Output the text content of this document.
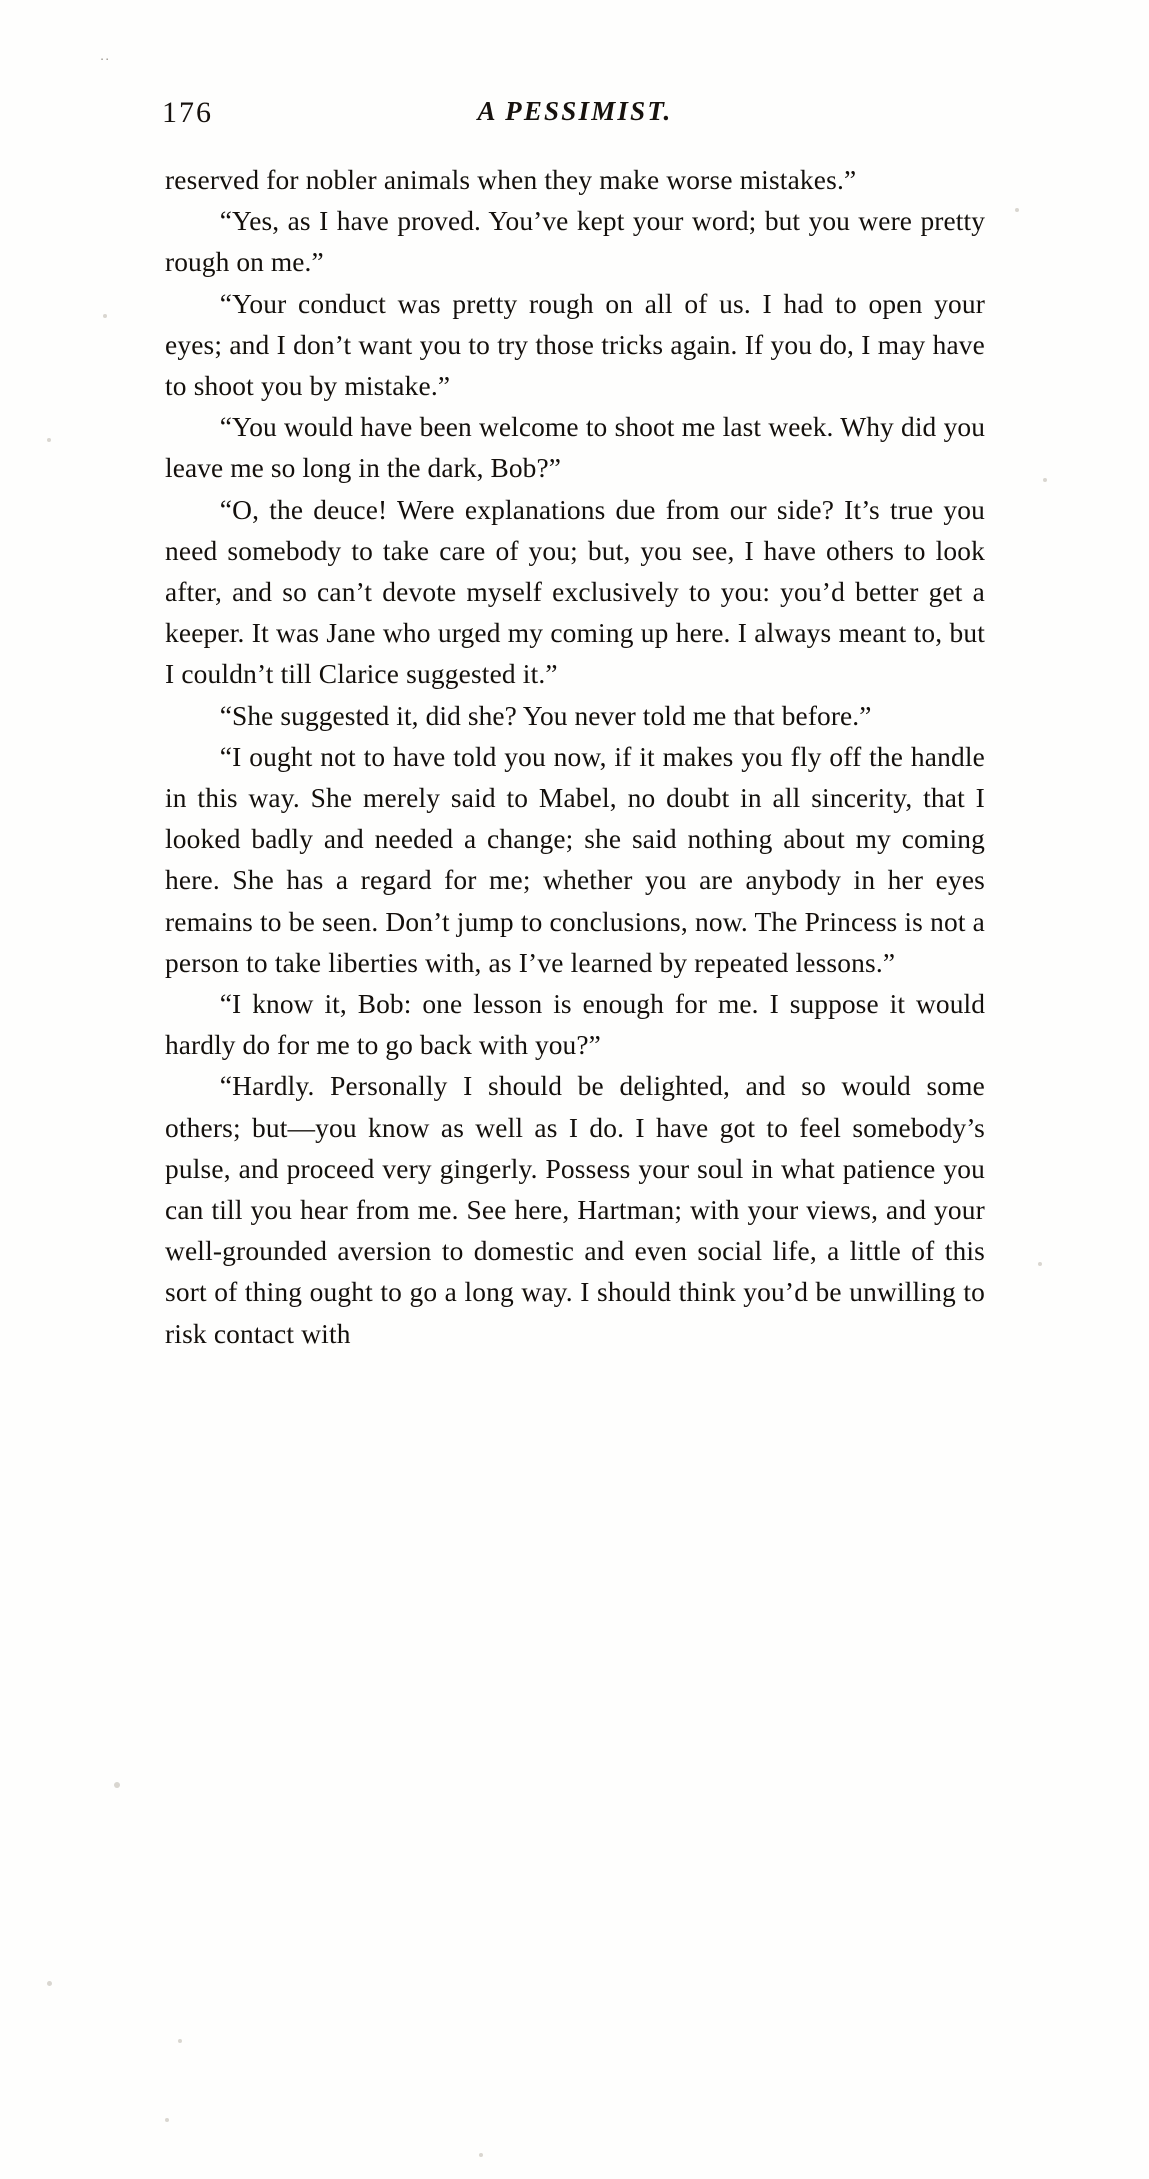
⋅⋅
176	A PESSIMIST.

reserved for nobler animals when they make worse mistakes.”

“Yes, as I have proved. You’ve kept your word; but you were pretty rough on me.”

“Your conduct was pretty rough on all of us. I had to open your eyes; and I don’t want you to try those tricks again. If you do, I may have to shoot you by mistake.”

“You would have been welcome to shoot me last week. Why did you leave me so long in the dark, Bob?”

“O, the deuce! Were explanations due from our side? It’s true you need somebody to take care of you; but, you see, I have others to look after, and so can’t devote myself exclusively to you: you’d better get a keeper. It was Jane who urged my coming up here. I always meant to, but I couldn’t till Clarice suggested it.”

“She suggested it, did she? You never told me that before.”

“I ought not to have told you now, if it makes you fly off the handle in this way. She merely said to Mabel, no doubt in all sincerity, that I looked badly and needed a change; she said nothing about my coming here. She has a regard for me; whether you are anybody in her eyes remains to be seen. Don’t jump to conclusions, now. The Princess is not a person to take liberties with, as I’ve learned by repeated lessons.”

“I know it, Bob: one lesson is enough for me. I suppose it would hardly do for me to go back with you?”

“Hardly. Personally I should be delighted, and so would some others; but—you know as well as I do. I have got to feel somebody’s pulse, and proceed very gingerly. Possess your soul in what patience you can till you hear from me. See here, Hartman; with your views, and your well-grounded aversion to domestic and even social life, a little of this sort of thing ought to go a long way. I should think you’d be unwilling to risk contact with
